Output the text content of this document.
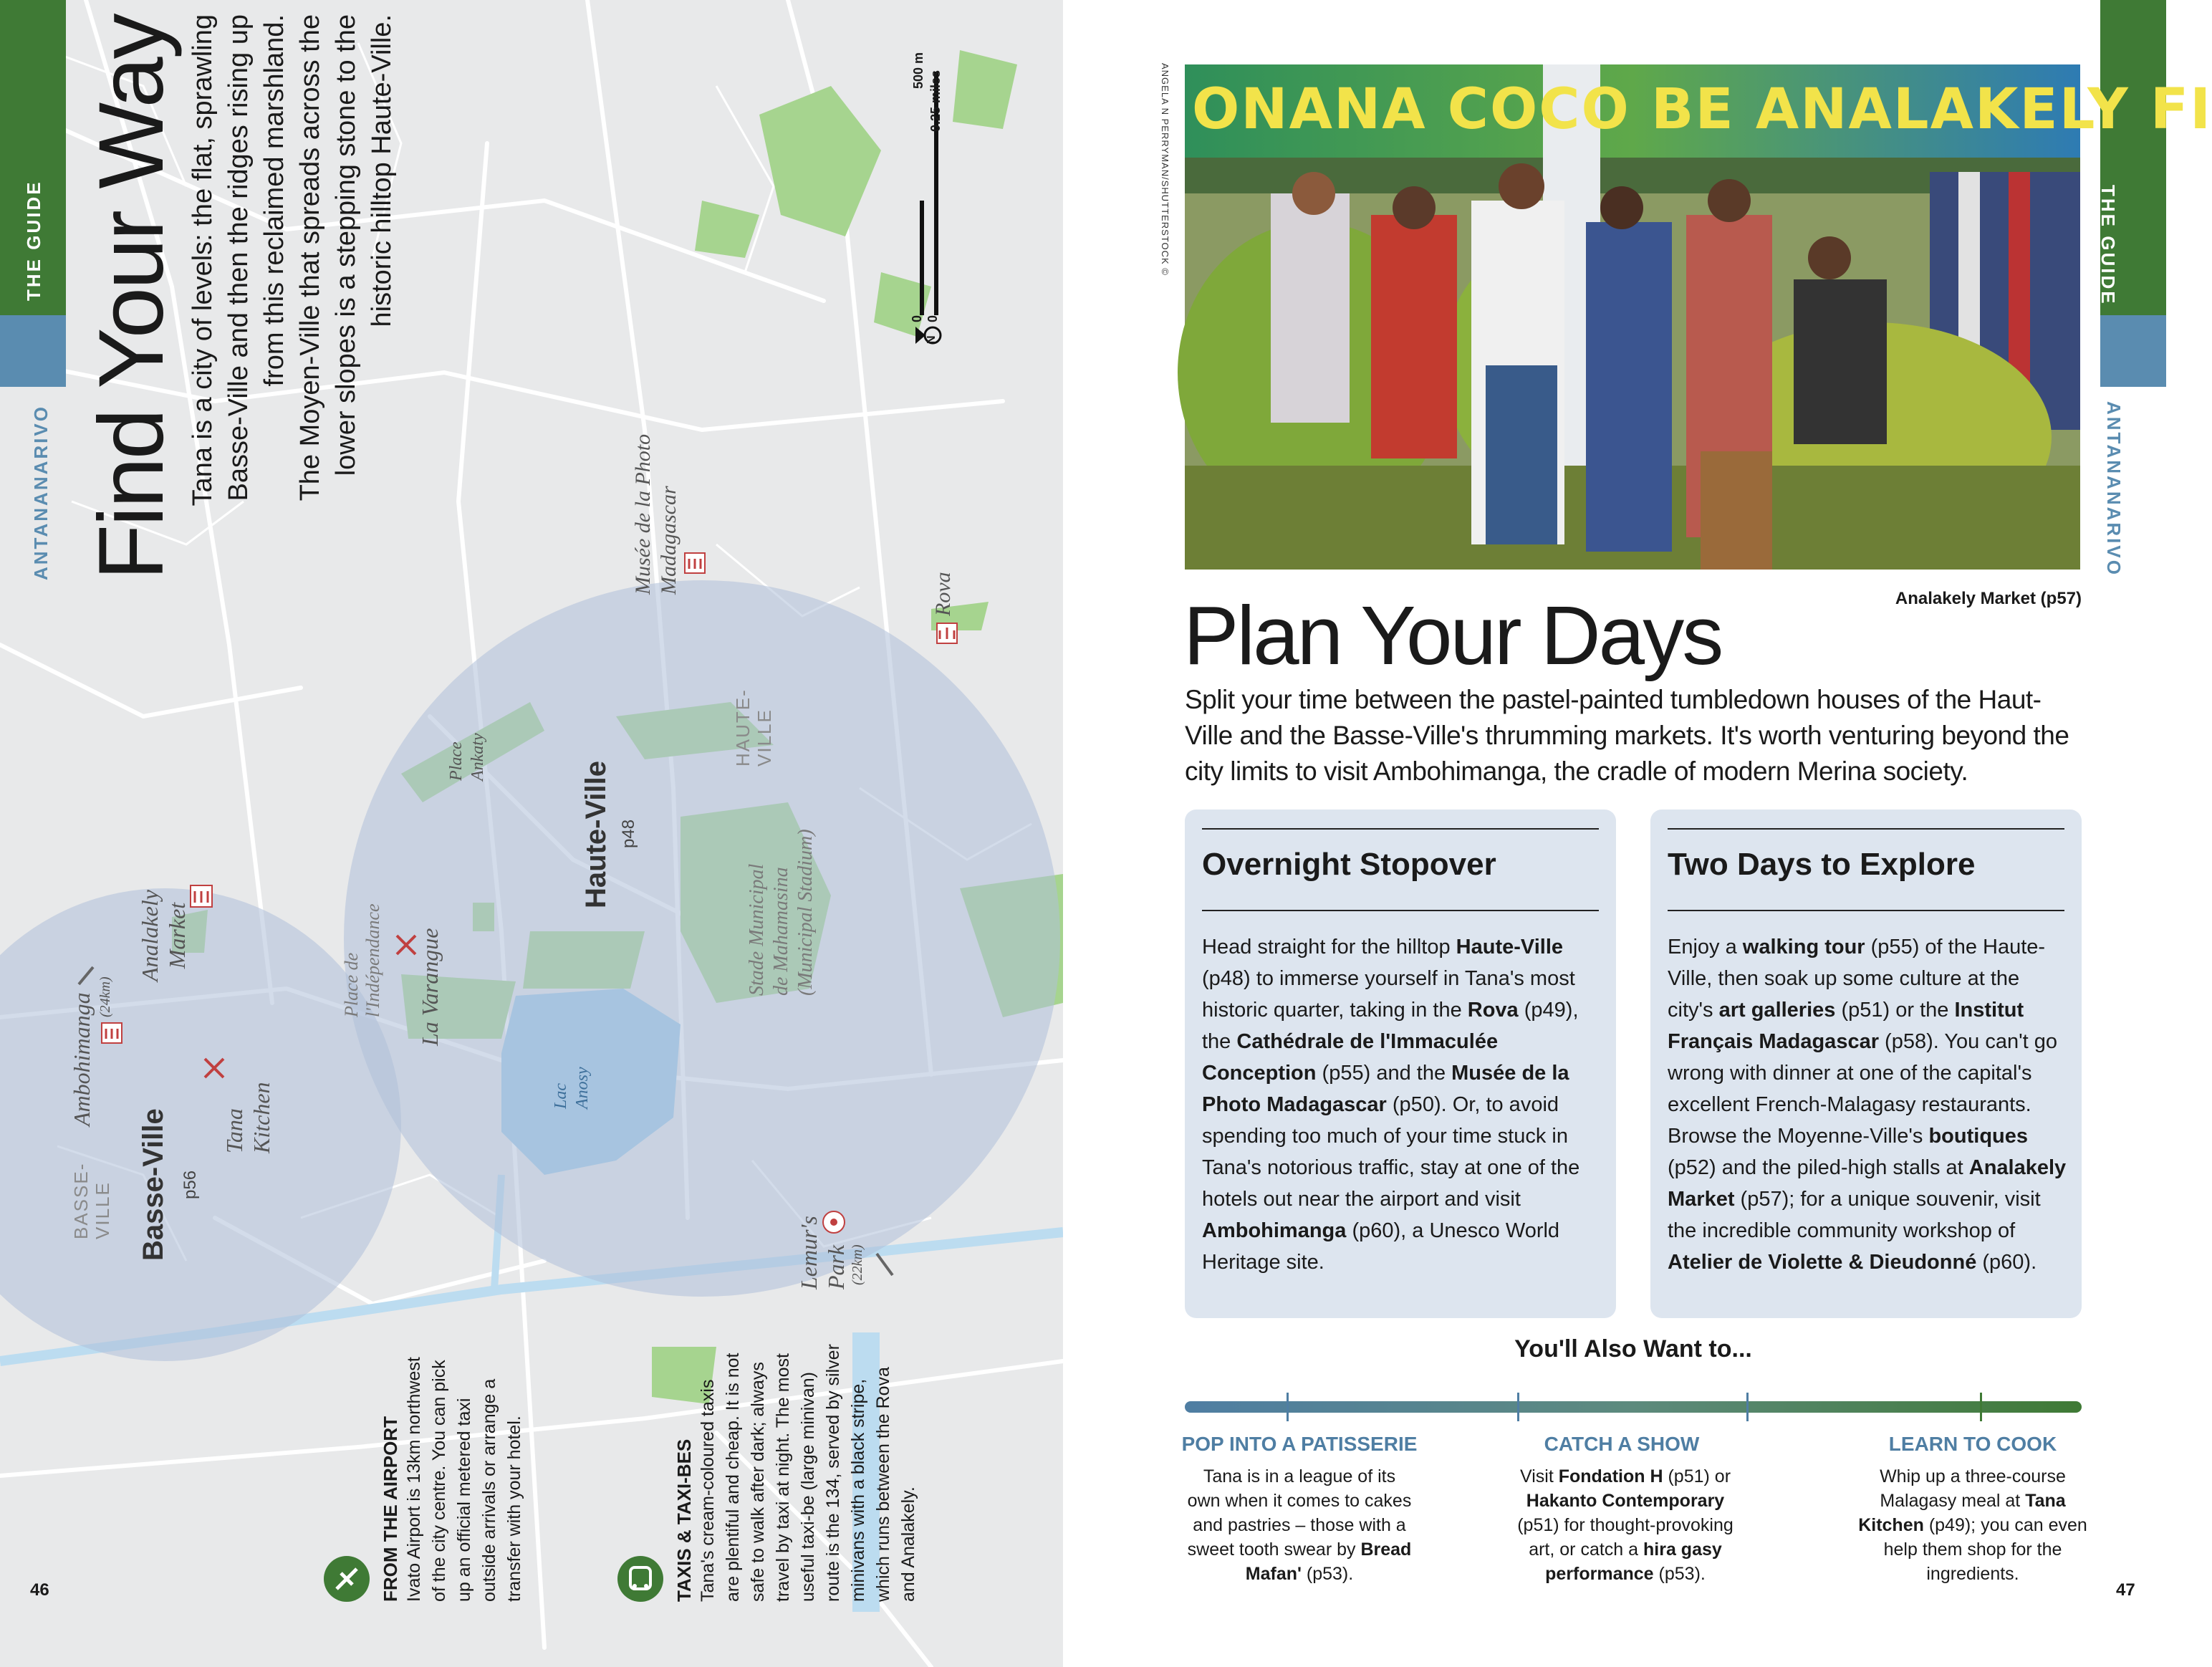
THE GUIDE
ANTANANARIVO Find Your Way Tana is a city of levels: the flat, sprawling Basse-Ville and then the ridges rising up from this reclaimed marshland. The Moyen-Ville that spreads across the lower slopes is a stepping stone to the historic hilltop Haute-Ville.	0 0
500 m 0.25 miles
N
Musée de la Photo Madagascar	Rova
Place Ankaty	HAUTE- VILLE
Haute-Ville p48
Stade Municipal de Mahamasina (Municipal Stadium)
Place de l'Indépendance La Varangue
Lac Anosy
Analakely Market
Ambohimanga (24km)
Tana Kitchen
BASSE- VILLE Basse-Ville p56
Lemur's Park (22km)
FROM THE AIRPORT Ivato Airport is 13km northwest of the city centre. You can pick up an official metered taxi outside arrivals or arrange a transfer with your hotel.	TAXIS & TAXI-BES Tana's cream-coloured taxis are plentiful and cheap. It is not safe to walk after dark; always travel by taxi at night. The most useful taxi-be (large minivan) route is the 134, served by silver minivans with a black stripe, which runs between the Rova and Analakely.
46
THE GUIDE
ANTANANARIVO
ANGELA N PERRYMAN/SHUTTERSTOCK © ONANA COCO BE ANALAKELY FI
Analakely Market (p57)
Plan Your Days
Split your time between the pastel-painted tumbledown houses of the Haut-Ville and the Basse-Ville's thrumming markets. It's worth venturing beyond the city limits to visit Ambohimanga, the cradle of modern Merina society.
Overnight Stopover
Head straight for the hilltop Haute-Ville (p48) to immerse yourself in Tana's most historic quarter, taking in the Rova (p49), the Cathédrale de l'Immaculée Conception (p55) and the Musée de la Photo Madagascar (p50). Or, to avoid spending too much of your time stuck in Tana's notorious traffic, stay at one of the hotels out near the airport and visit Ambohimanga (p60), a Unesco World Heritage site.
Two Days to Explore
Enjoy a walking tour (p55) of the Haute-Ville, then soak up some culture at the city's art galleries (p51) or the Institut Français Madagascar (p58). You can't go wrong with dinner at one of the capital's excellent French-Malagasy restaurants. Browse the Moyenne-Ville's boutiques (p52) and the piled-high stalls at Analakely Market (p57); for a unique souvenir, visit the incredible community workshop of Atelier de Violette & Dieudonné (p60).
You'll Also Want to...
POP INTO A PATISSERIE
Tana is in a league of its own when it comes to cakes and pastries – those with a sweet tooth swear by Bread Mafan' (p53).
CATCH A SHOW
Visit Fondation H (p51) or Hakanto Contemporary (p51) for thought-provoking art, or catch a hira gasy performance (p53).
LEARN TO COOK
Whip up a three-course Malagasy meal at Tana Kitchen (p49); you can even help them shop for the ingredients.
47
